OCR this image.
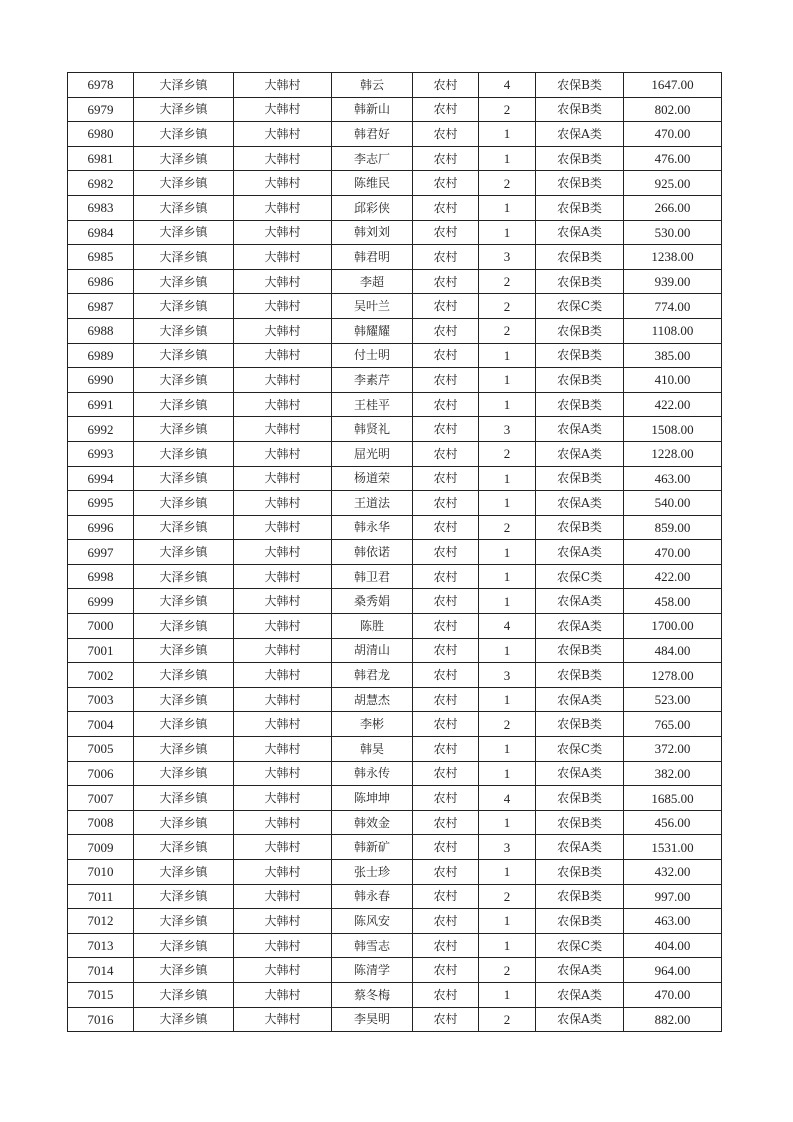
6978	大泽乡镇	大韩村	韩云	农村	4	农保B类	1647.00
6979	大泽乡镇	大韩村	韩新山	农村	2	农保B类	802.00
6980	大泽乡镇	大韩村	韩君好	农村	1	农保A类	470.00
6981	大泽乡镇	大韩村	李志厂	农村	1	农保B类	476.00
6982	大泽乡镇	大韩村	陈维民	农村	2	农保B类	925.00
6983	大泽乡镇	大韩村	邱彩侠	农村	1	农保B类	266.00
6984	大泽乡镇	大韩村	韩刘刘	农村	1	农保A类	530.00
6985	大泽乡镇	大韩村	韩君明	农村	3	农保B类	1238.00
6986	大泽乡镇	大韩村	李超	农村	2	农保B类	939.00
6987	大泽乡镇	大韩村	吴叶兰	农村	2	农保C类	774.00
6988	大泽乡镇	大韩村	韩耀耀	农村	2	农保B类	1108.00
6989	大泽乡镇	大韩村	付士明	农村	1	农保B类	385.00
6990	大泽乡镇	大韩村	李素芹	农村	1	农保B类	410.00
6991	大泽乡镇	大韩村	王桂平	农村	1	农保B类	422.00
6992	大泽乡镇	大韩村	韩贤礼	农村	3	农保A类	1508.00
6993	大泽乡镇	大韩村	屈光明	农村	2	农保A类	1228.00
6994	大泽乡镇	大韩村	杨道荣	农村	1	农保B类	463.00
6995	大泽乡镇	大韩村	王道法	农村	1	农保A类	540.00
6996	大泽乡镇	大韩村	韩永华	农村	2	农保B类	859.00
6997	大泽乡镇	大韩村	韩依诺	农村	1	农保A类	470.00
6998	大泽乡镇	大韩村	韩卫君	农村	1	农保C类	422.00
6999	大泽乡镇	大韩村	桑秀娟	农村	1	农保A类	458.00
7000	大泽乡镇	大韩村	陈胜	农村	4	农保A类	1700.00
7001	大泽乡镇	大韩村	胡清山	农村	1	农保B类	484.00
7002	大泽乡镇	大韩村	韩君龙	农村	3	农保B类	1278.00
7003	大泽乡镇	大韩村	胡慧杰	农村	1	农保A类	523.00
7004	大泽乡镇	大韩村	李彬	农村	2	农保B类	765.00
7005	大泽乡镇	大韩村	韩昊	农村	1	农保C类	372.00
7006	大泽乡镇	大韩村	韩永传	农村	1	农保A类	382.00
7007	大泽乡镇	大韩村	陈坤坤	农村	4	农保B类	1685.00
7008	大泽乡镇	大韩村	韩效金	农村	1	农保B类	456.00
7009	大泽乡镇	大韩村	韩新矿	农村	3	农保A类	1531.00
7010	大泽乡镇	大韩村	张士珍	农村	1	农保B类	432.00
7011	大泽乡镇	大韩村	韩永春	农村	2	农保B类	997.00
7012	大泽乡镇	大韩村	陈风安	农村	1	农保B类	463.00
7013	大泽乡镇	大韩村	韩雪志	农村	1	农保C类	404.00
7014	大泽乡镇	大韩村	陈清学	农村	2	农保A类	964.00
7015	大泽乡镇	大韩村	蔡冬梅	农村	1	农保A类	470.00
7016	大泽乡镇	大韩村	李昊明	农村	2	农保A类	882.00
